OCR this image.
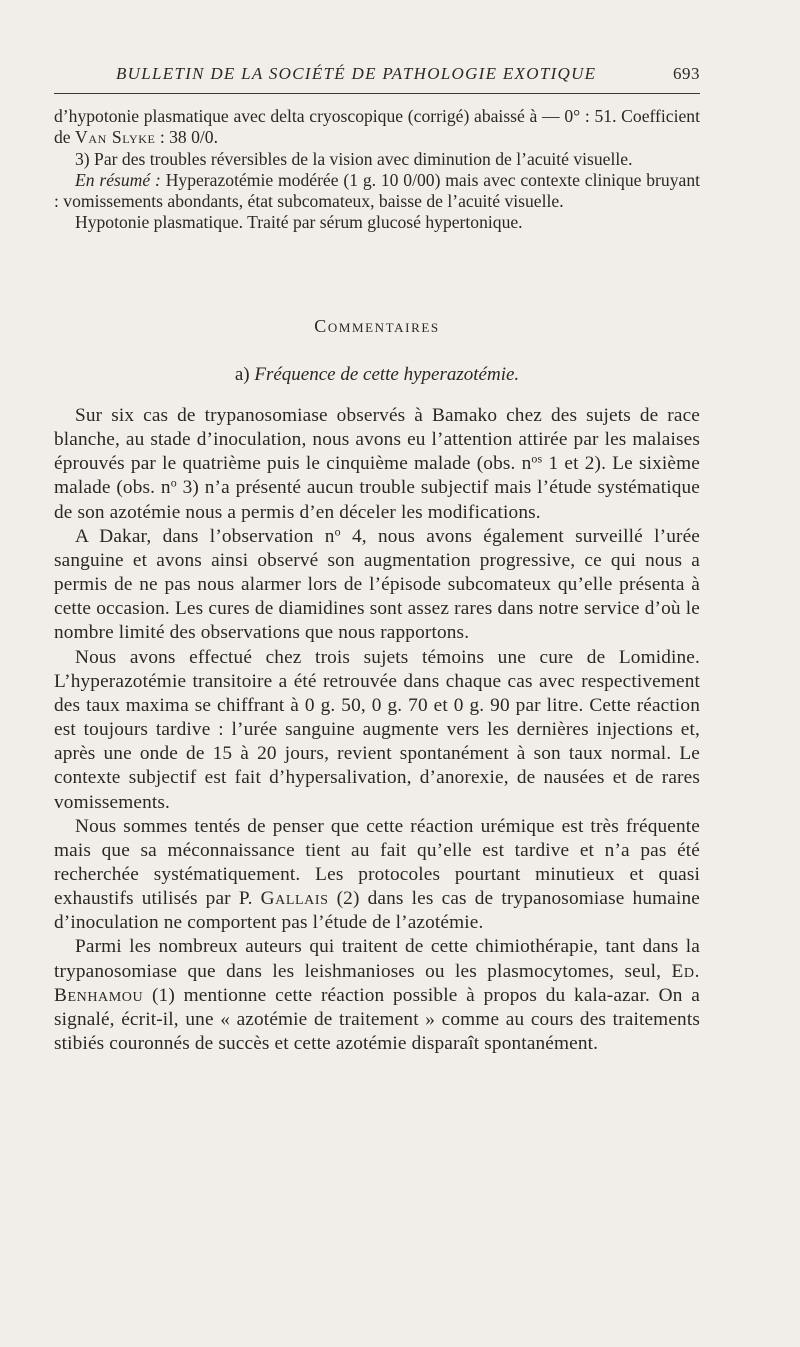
BULLETIN DE LA SOCIÉTÉ DE PATHOLOGIE EXOTIQUE	693

d’hypotonie plasmatique avec delta cryoscopique (corrigé) abaissé à — 0° : 51. Coefficient de Van Slyke : 38 0/0.

3) Par des troubles réversibles de la vision avec diminution de l’acuité visuelle.

En résumé : Hyperazotémie modérée (1 g. 10 0/00) mais avec contexte clinique bruyant : vomissements abondants, état subcomateux, baisse de l’acuité visuelle.

Hypotonie plasmatique. Traité par sérum glucosé hypertonique.

Commentaires
a) Fréquence de cette hyperazotémie.

Sur six cas de trypanosomiase observés à Bamako chez des sujets de race blanche, au stade d’inoculation, nous avons eu l’attention attirée par les malaises éprouvés par le quatrième puis le cinquième malade (obs. $n^{os}$ 1 et 2). Le sixième malade (obs. $n^o$ 3) n’a présenté aucun trouble subjectif mais l’étude systématique de son azotémie nous a permis d’en déceler les modifications.

A Dakar, dans l’observation $n^o$ 4, nous avons également surveillé l’urée sanguine et avons ainsi observé son augmentation progressive, ce qui nous a permis de ne pas nous alarmer lors de l’épisode subcomateux qu’elle présenta à cette occasion. Les cures de diamidines sont assez rares dans notre service d’où le nombre limité des observations que nous rapportons.

Nous avons effectué chez trois sujets témoins une cure de Lomidine. L’hyperazotémie transitoire a été retrouvée dans chaque cas avec respectivement des taux maxima se chiffrant à 0 g. 50, 0 g. 70 et 0 g. 90 par litre. Cette réaction est toujours tardive : l’urée sanguine augmente vers les dernières injections et, après une onde de 15 à 20 jours, revient spontanément à son taux normal. Le contexte subjectif est fait d’hypersalivation, d’anorexie, de nausées et de rares vomissements.

Nous sommes tentés de penser que cette réaction urémique est très fréquente mais que sa méconnaissance tient au fait qu’elle est tardive et n’a pas été recherchée systématiquement. Les protocoles pourtant minutieux et quasi exhaustifs utilisés par P. Gallais (2) dans les cas de trypanosomiase humaine d’inoculation ne comportent pas l’étude de l’azotémie.

Parmi les nombreux auteurs qui traitent de cette chimiothérapie, tant dans la trypanosomiase que dans les leishmanioses ou les plasmocytomes, seul, Ed. Benhamou (1) mentionne cette réaction possible à propos du kala-azar. On a signalé, écrit-il, une « azotémie de traitement » comme au cours des traitements stibiés couronnés de succès et cette azotémie disparaît spontanément.
